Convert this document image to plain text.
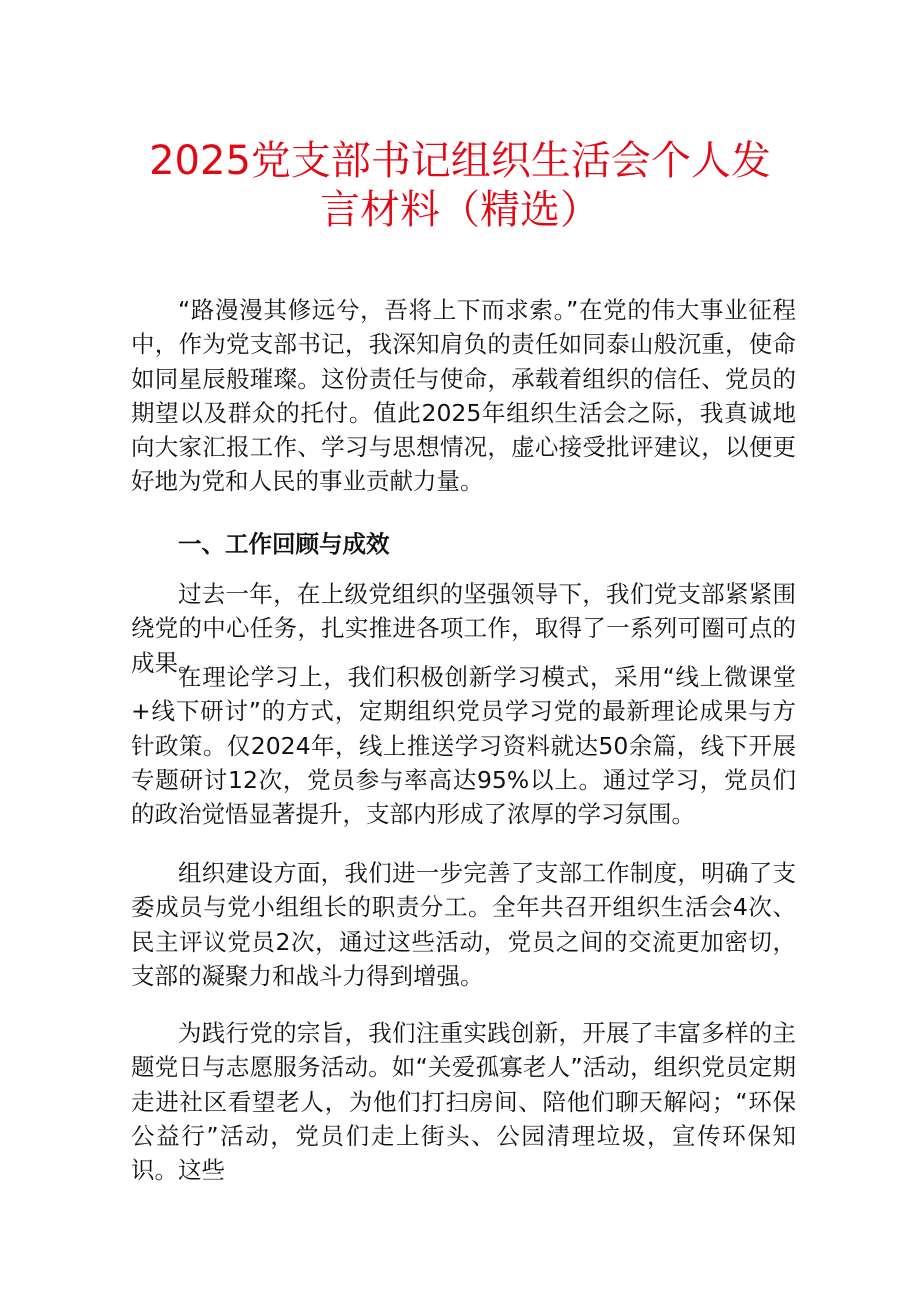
2025党支部书记组织生活会个人发
言材料（精选）

“路漫漫其修远兮，吾将上下而求索。”在党的伟大事业征程中，作为党支部书记，我深知肩负的责任如同泰山般沉重，使命如同星辰般璀璨。这份责任与使命，承载着组织的信任、党员的期望以及群众的托付。值此2025年组织生活会之际，我真诚地向大家汇报工作、学习与思想情况，虚心接受批评建议，以便更好地为党和人民的事业贡献力量。

一、工作回顾与成效

过去一年，在上级党组织的坚强领导下，我们党支部紧紧围绕党的中心任务，扎实推进各项工作，取得了一系列可圈可点的成果。

在理论学习上，我们积极创新学习模式，采用“线上微课堂+线下研讨”的方式，定期组织党员学习党的最新理论成果与方针政策。仅2024年，线上推送学习资料就达50余篇，线下开展专题研讨12次，党员参与率高达95%以上。通过学习，党员们的政治觉悟显著提升，支部内形成了浓厚的学习氛围。

组织建设方面，我们进一步完善了支部工作制度，明确了支委成员与党小组组长的职责分工。全年共召开组织生活会4次、民主评议党员2次，通过这些活动，党员之间的交流更加密切，支部的凝聚力和战斗力得到增强。

为践行党的宗旨，我们注重实践创新，开展了丰富多样的主题党日与志愿服务活动。如“关爱孤寡老人”活动，组织党员定期走进社区看望老人，为他们打扫房间、陪他们聊天解闷；“环保公益行”活动，党员们走上街头、公园清理垃圾，宣传环保知识。这些
